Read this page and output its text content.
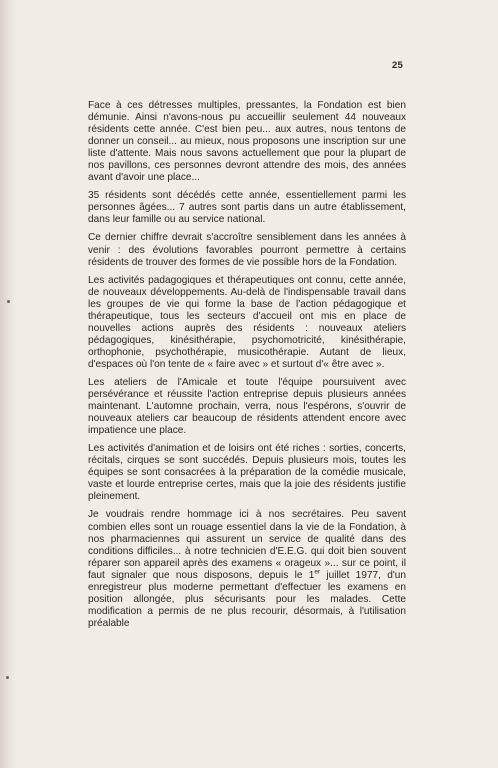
25

Face à ces détresses multiples, pressantes, la Fondation est bien démunie. Ainsi n'avons-nous pu accueillir seulement 44 nouveaux résidents cette année. C'est bien peu... aux autres, nous tentons de donner un conseil... au mieux, nous proposons une inscription sur une liste d'attente. Mais nous savons actuellement que pour la plupart de nos pavillons, ces personnes devront attendre des mois, des années avant d'avoir une place...

35 résidents sont décédés cette année, essentiellement parmi les personnes âgées... 7 autres sont partis dans un autre établissement, dans leur famille ou au service national.

Ce dernier chiffre devrait s'accroître sensiblement dans les années à venir : des évolutions favorables pourront permettre à certains résidents de trouver des formes de vie possible hors de la Fondation.

Les activités padagogiques et thérapeutiques ont connu, cette année, de nouveaux développements. Au-delà de l'indispensable travail dans les groupes de vie qui forme la base de l'action pédagogique et thérapeutique, tous les secteurs d'accueil ont mis en place de nouvelles actions auprès des résidents : nouveaux ateliers pédagogiques, kinésithérapie, psychomotricité, kinésithérapie, orthophonie, psychothérapie, musicothérapie. Autant de lieux, d'espaces où l'on tente de « faire avec » et surtout d'« être avec ».

Les ateliers de l'Amicale et toute l'équipe poursuivent avec persévérance et réussite l'action entreprise depuis plusieurs années maintenant. L'automne prochain, verra, nous l'espérons, s'ouvrir de nouveaux ateliers car beaucoup de résidents attendent encore avec impatience une place.

Les activités d'animation et de loisirs ont été riches : sorties, concerts, récitals, cirques se sont succédés. Depuis plusieurs mois, toutes les équipes se sont consacrées à la préparation de la comédie musicale, vaste et lourde entreprise certes, mais que la joie des résidents justifie pleinement.

Je voudrais rendre hommage ici à nos secrétaires. Peu savent combien elles sont un rouage essentiel dans la vie de la Fondation, à nos pharmaciennes qui assurent un service de qualité dans des conditions difficiles... à notre technicien d'E.E.G. qui doit bien souvent réparer son appareil après des examens « orageux »... sur ce point, il faut signaler que nous disposons, depuis le 1er juillet 1977, d'un enregistreur plus moderne permettant d'effectuer les examens en position allongée, plus sécurisants pour les malades. Cette modification a permis de ne plus recourir, désormais, à l'utilisation préalable
